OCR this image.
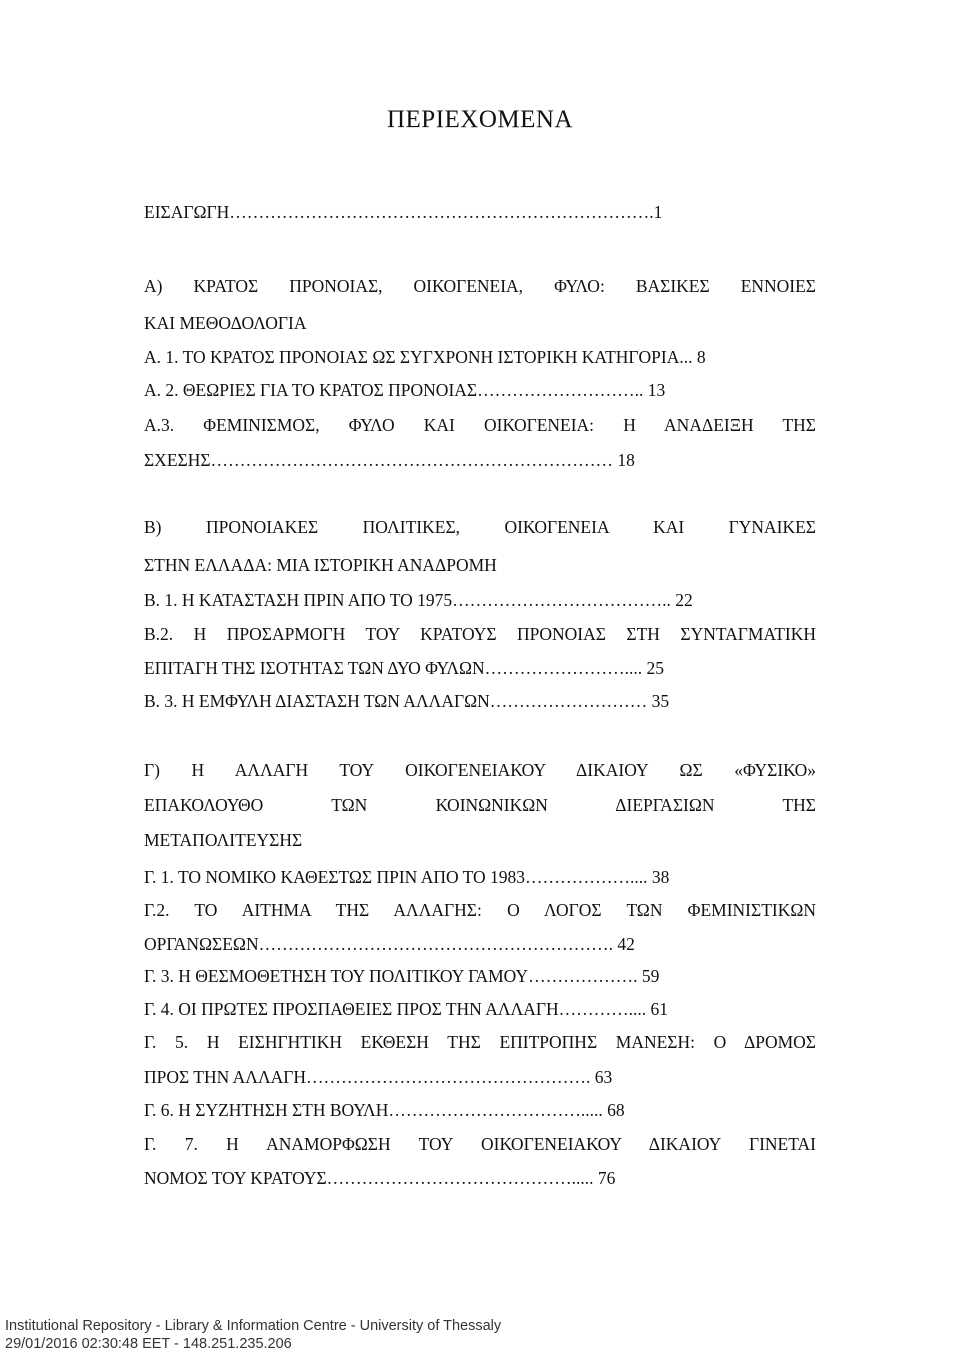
ΠΕΡΙΕΧΟΜΕΝΑ
ΕΙΣΑΓΩΓΗ……………………………………………………………….1
Α) ΚΡΑΤΟΣ ΠΡΟΝΟΙΑΣ, ΟΙΚΟΓΕΝΕΙΑ, ΦΥΛΟ: ΒΑΣΙΚΕΣ ΕΝΝΟΙΕΣ
ΚΑΙ ΜΕΘΟΔΟΛΟΓΙΑ
Α. 1. ΤΟ ΚΡΑΤΟΣ ΠΡΟΝΟΙΑΣ ΩΣ ΣΥΓΧΡΟΝΗ ΙΣΤΟΡΙΚΗ ΚΑΤΗΓΟΡΙΑ... 8
Α. 2. ΘΕΩΡΙΕΣ ΓΙΑ ΤΟ ΚΡΑΤΟΣ ΠΡΟΝΟΙΑΣ……………………….. 13
Α.3. ΦΕΜΙΝΙΣΜΟΣ, ΦΥΛΟ ΚΑΙ ΟΙΚΟΓΕΝΕΙΑ: Η ΑΝΑΔΕΙΞΗ ΤΗΣ
ΣΧΕΣΗΣ…………………………………………………………… 18
Β) ΠΡΟΝΟΙΑΚΕΣ ΠΟΛΙΤΙΚΕΣ, ΟΙΚΟΓΕΝΕΙΑ ΚΑΙ ΓΥΝΑΙΚΕΣ
ΣΤΗΝ ΕΛΛΑΔΑ: ΜΙΑ ΙΣΤΟΡΙΚΗ ΑΝΑΔΡΟΜΗ
Β. 1. Η ΚΑΤΑΣΤΑΣΗ ΠΡΙΝ ΑΠΟ ΤΟ 1975……………………………….. 22
Β.2. Η ΠΡΟΣΑΡΜΟΓΗ ΤΟΥ ΚΡΑΤΟΥΣ ΠΡΟΝΟΙΑΣ ΣΤΗ ΣΥΝΤΑΓΜΑΤΙΚΗ
ΕΠΙΤΑΓΗ ΤΗΣ ΙΣΟΤΗΤΑΣ ΤΩΝ ΔΥΟ ΦΥΛΩΝ…………………….... 25
Β. 3. Η ΕΜΦΥΛΗ ΔΙΑΣΤΑΣΗ ΤΩΝ ΑΛΛΑΓΩΝ……………………… 35
Γ) Η ΑΛΛΑΓΗ ΤΟΥ ΟΙΚΟΓΕΝΕΙΑΚΟΥ ΔΙΚΑΙΟΥ ΩΣ «ΦΥΣΙΚΟ»
ΕΠΑΚΟΛΟΥΘΟ ΤΩΝ ΚΟΙΝΩΝΙΚΩΝ ΔΙΕΡΓΑΣΙΩΝ ΤΗΣ
ΜΕΤΑΠΟΛΙΤΕΥΣΗΣ
Γ. 1. ΤΟ ΝΟΜΙΚΟ ΚΑΘΕΣΤΩΣ ΠΡΙΝ ΑΠΟ ΤΟ 1983……………….... 38
Γ.2. ΤΟ ΑΙΤΗΜΑ ΤΗΣ ΑΛΛΑΓΗΣ: Ο ΛΟΓΟΣ ΤΩΝ ΦΕΜΙΝΙΣΤΙΚΩΝ
ΟΡΓΑΝΩΣΕΩΝ……………………………………………………. 42
Γ. 3. Η ΘΕΣΜΟΘΕΤΗΣΗ ΤΟΥ ΠΟΛΙΤΙΚΟΥ ΓΑΜΟΥ………………. 59
Γ. 4. ΟΙ ΠΡΩΤΕΣ ΠΡΟΣΠΑΘΕΙΕΣ ΠΡΟΣ ΤΗΝ ΑΛΛΑΓΗ………….... 61
Γ. 5. Η ΕΙΣΗΓΗΤΙΚΗ ΕΚΘΕΣΗ ΤΗΣ ΕΠΙΤΡΟΠΗΣ ΜΑΝΕΣΗ: Ο ΔΡΟΜΟΣ
ΠΡΟΣ ΤΗΝ ΑΛΛΑΓΗ…………………………………………. 63
Γ. 6. Η ΣΥΖΗΤΗΣΗ ΣΤΗ ΒΟΥΛΗ……………………………..... 68
Γ. 7. Η ΑΝΑΜΟΡΦΩΣΗ ΤΟΥ ΟΙΚΟΓΕΝΕΙΑΚΟΥ ΔΙΚΑΙΟΥ ΓΙΝΕΤΑΙ
ΝΟΜΟΣ ΤΟΥ ΚΡΑΤΟΥΣ……………………………………..... 76
Institutional Repository - Library & Information Centre - University of Thessaly
29/01/2016 02:30:48 EET - 148.251.235.206
